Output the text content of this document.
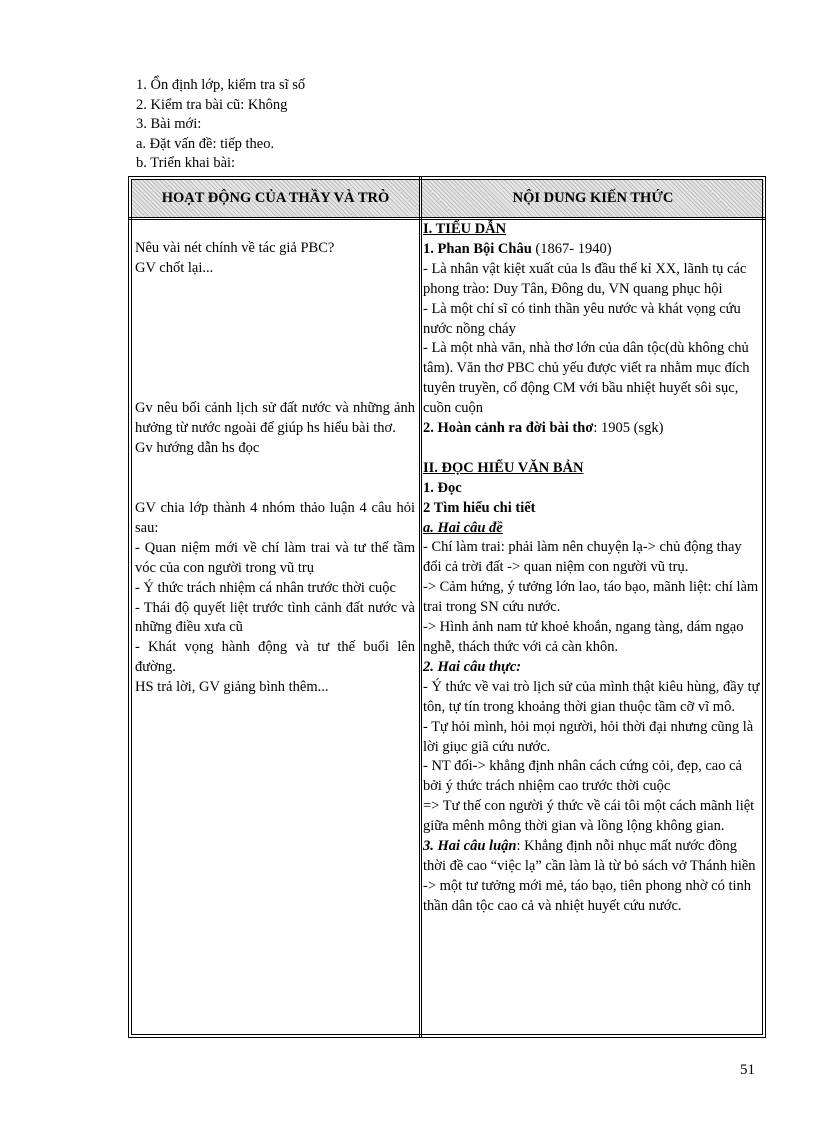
1. Ổn định lớp, kiểm tra sĩ số
2. Kiểm tra bài cũ: Không
3. Bài mới:
a. Đặt vấn đề: tiếp theo.
b. Triển khai bài:
HOẠT ĐỘNG CỦA THẦY VÀ TRÒ	NỘI DUNG KIẾN THỨC

Nêu vài nét chính về tác giả PBC?

GV chốt lại...

Gv nêu bối cảnh lịch sử đất nước và những ảnh hưởng từ nước ngoài để giúp hs hiểu bài thơ.

Gv hướng dẫn hs đọc

GV chia lớp thành 4 nhóm thảo luận 4 câu hỏi sau:

- Quan niệm mới về chí làm trai và tư thế tầm vóc của con người trong vũ trụ

- Ý thức trách nhiệm cá nhân trước thời cuộc

- Thái độ quyết liệt trước tình cảnh đất nước và những điều xưa cũ

- Khát vọng hành động và tư thế buổi lên đường.

HS trả lời, GV giảng bình thêm...

I. TIỂU DẪN

1. Phan Bội Châu (1867- 1940)

- Là nhân vật kiệt xuất của ls đầu thế kỉ XX, lãnh tụ các phong trào: Duy Tân, Đông du, VN quang phục hội

- Là một chí sĩ có tinh thần yêu nước và khát vọng cứu nước nồng cháy

- Là một nhà văn, nhà thơ lớn của dân tộc(dù không chủ tâm). Văn thơ PBC chủ yếu được viết ra nhằm mục đích tuyên truyền, cổ động CM với bầu nhiệt huyết sôi sục, cuồn cuộn

2. Hoàn cảnh ra đời bài thơ: 1905 (sgk)

II. ĐỌC HIỂU VĂN BẢN

1. Đọc

2 Tìm hiểu chi tiết

a. Hai câu đề

- Chí làm trai: phải làm nên chuyện lạ-> chủ động thay đổi cả trời đất -> quan niệm con người vũ trụ.

-> Cảm hứng, ý tưởng lớn lao, táo bạo, mãnh liệt: chí làm trai trong SN cứu nước.

-> Hình ảnh nam tử khoẻ khoắn, ngang tàng, dám ngạo nghễ, thách thức với cả càn khôn.

2. Hai câu thực:

- Ý thức về vai trò lịch sử của mình thật kiêu hùng, đầy tự tôn, tự tín trong khoảng thời gian thuộc tầm cỡ vĩ mô.

- Tự hỏi mình, hỏi mọi người, hỏi thời đại nhưng cũng là lời giục giã cứu nước.

- NT đối-> khẳng định nhân cách cứng cỏi, đẹp, cao cả bởi ý thức trách nhiệm cao trước thời cuộc

=> Tư thế con người ý thức về cái tôi một cách mãnh liệt giữa mênh mông thời gian và lồng lộng không gian.

3. Hai câu luận: Khẳng định nỗi nhục mất nước đồng thời đề cao “việc lạ” cần làm là từ bỏ sách vở Thánh hiền -> một tư tưởng mới mẻ, táo bạo, tiên phong nhờ có tinh thần dân tộc cao cả và nhiệt huyết cứu nước.

51
